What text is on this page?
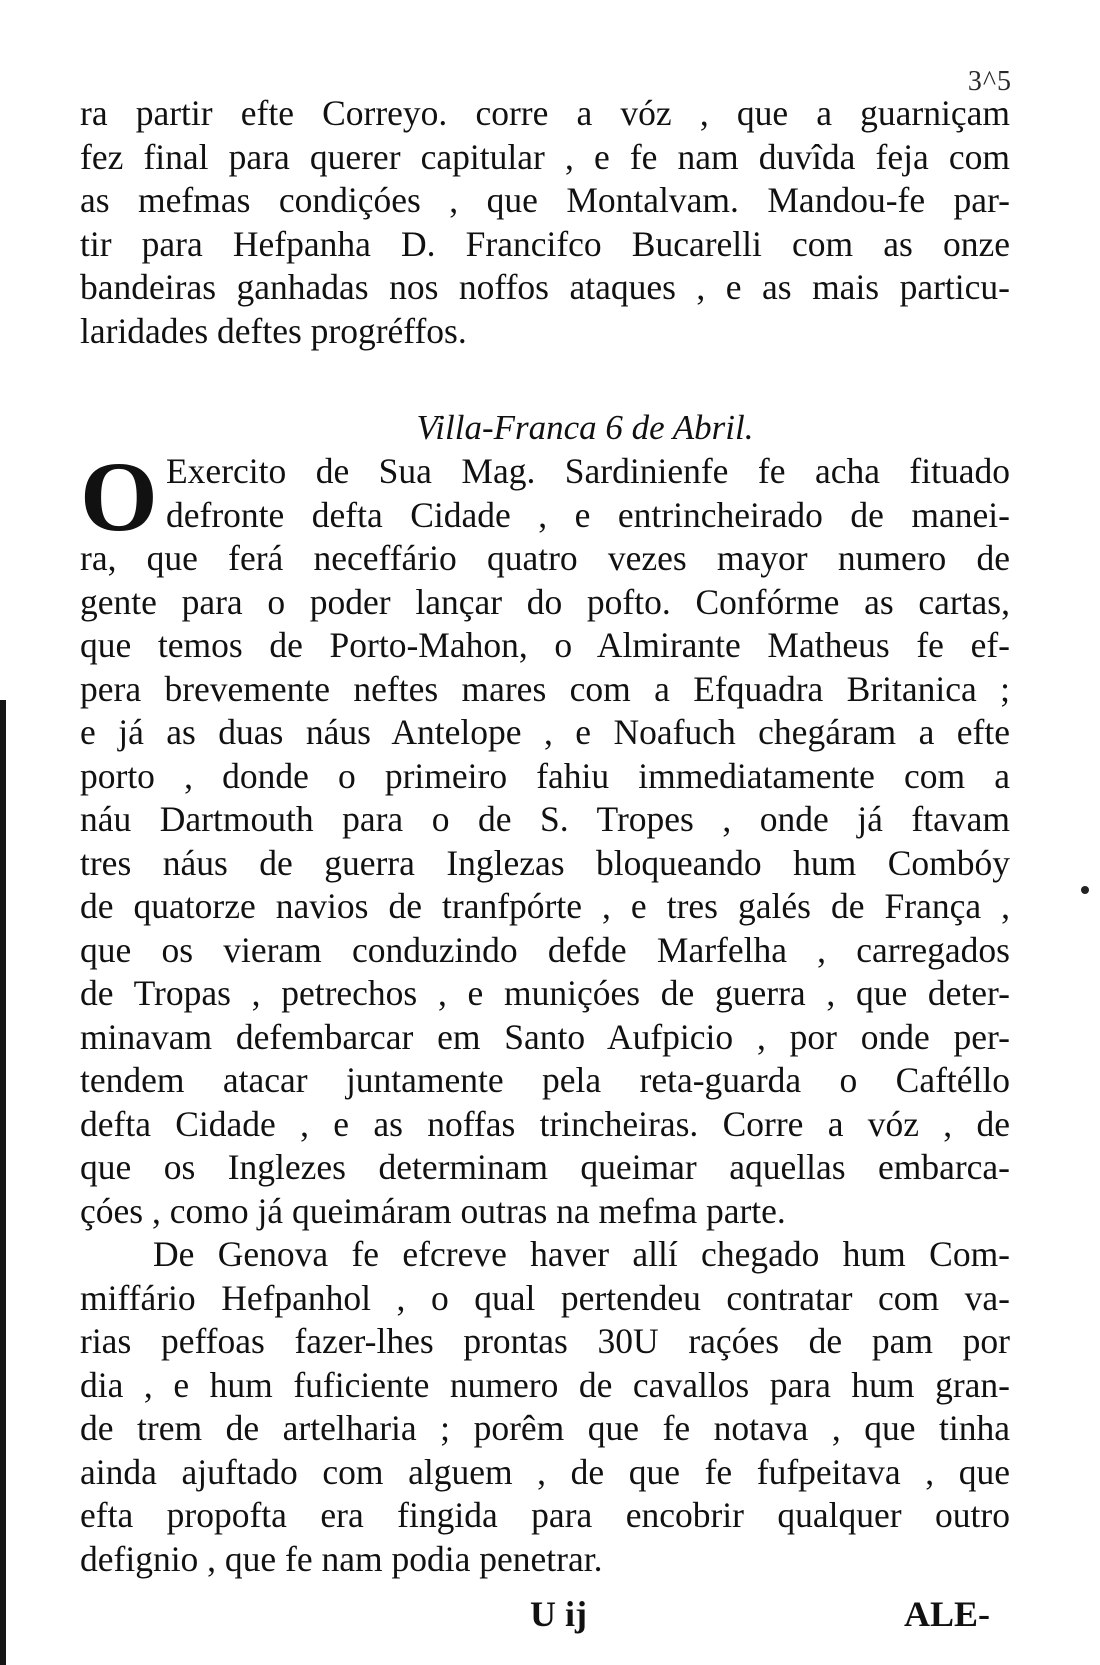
3^5
ra partir efte Correyo. corre a vóz , que a guarniçam
fez final para querer capitular , e fe nam duvîda feja com
as mefmas condiçóes , que Montalvam. Mandou-fe par-
tir para Hefpanha D. Francifco Bucarelli com as onze
bandeiras ganhadas nos noffos ataques , e as mais particu-
laridades deftes progréffos.
Villa-Franca 6 de Abril.
O Exercito de Sua Mag. Sardinienfe fe acha fituado
defronte defta Cidade , e entrincheirado de manei-
ra, que ferá neceffário quatro vezes mayor numero de
gente para o poder lançar do pofto. Confórme as cartas,
que temos de Porto-Mahon, o Almirante Matheus fe ef-
pera brevemente neftes mares com a Efquadra Britanica ;
e já as duas náus Antelope , e Noafuch chegáram a efte
porto , donde o primeiro fahiu immediatamente com a
náu Dartmouth para o de S. Tropes , onde já ftavam
tres náus de guerra Inglezas bloqueando hum Combóy
de quatorze navios de tranfpórte , e tres galés de França ,
que os vieram conduzindo defde Marfelha , carregados
de Tropas , petrechos , e muniçóes de guerra , que deter-
minavam defembarcar em Santo Aufpicio , por onde per-
tendem atacar juntamente pela reta-guarda o Caftéllo
defta Cidade , e as noffas trincheiras. Corre a vóz , de
que os Inglezes determinam queimar aquellas embarca-
çóes , como já queimáram outras na mefma parte.
De Genova fe efcreve haver allí chegado hum Com-
miffário Hefpanhol , o qual pertendeu contratar com va-
rias peffoas fazer-lhes prontas 30U raçóes de pam por
dia , e hum fuficiente numero de cavallos para hum gran-
de trem de artelharia ; porêm que fe notava , que tinha
ainda ajuftado com alguem , de que fe fufpeitava , que
efta propofta era fingida para encobrir qualquer outro
defignio , que fe nam podia penetrar.
U ij	ALE-
